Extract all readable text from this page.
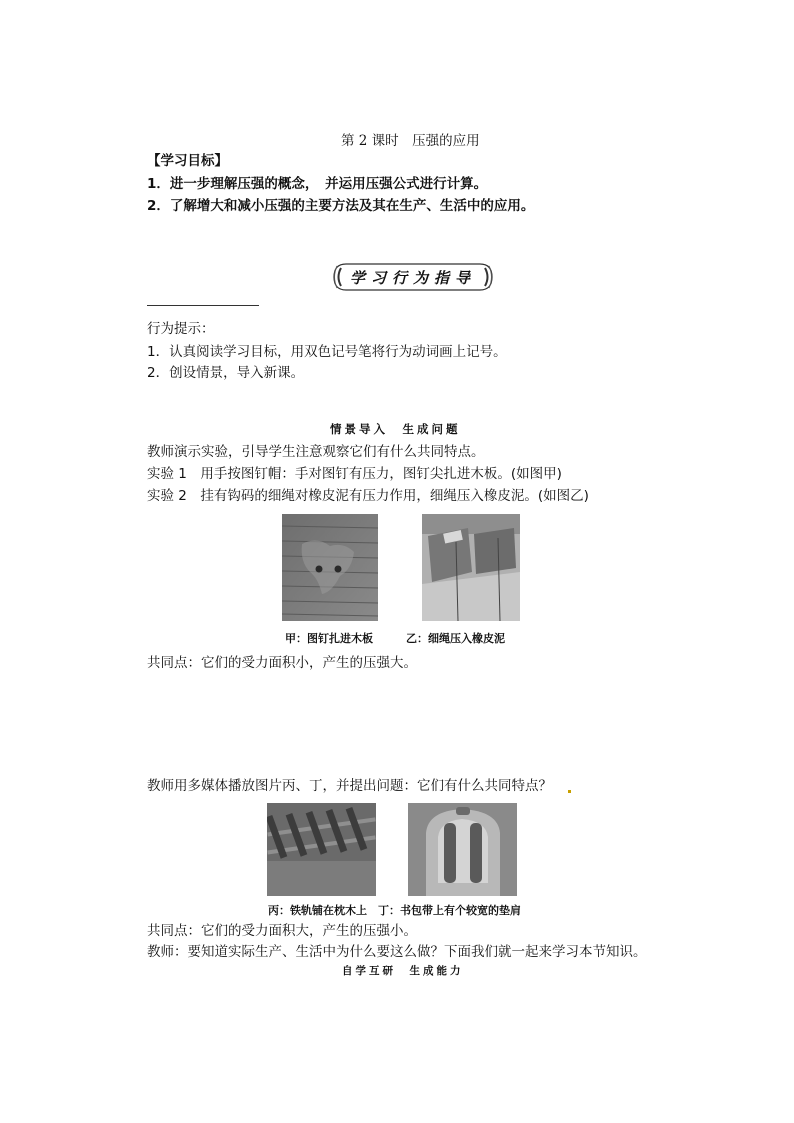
第 2 课时　压强的应用
【学习目标】
1．进一步理解压强的概念，　并运用压强公式进行计算。
2．了解增大和减小压强的主要方法及其在生产、生活中的应用。
学习行为指导
行为提示：
1．认真阅读学习目标，用双色记号笔将行为动词画上记号。
2．创设情景，导入新课。
情景导入　生成问题
教师演示实验，引导学生注意观察它们有什么共同特点。
实验 1　用手按图钉帽：手对图钉有压力，图钉尖扎进木板。(如图甲)
实验 2　挂有钩码的细绳对橡皮泥有压力作用，细绳压入橡皮泥。(如图乙)
甲：图钉扎进木板　　　乙：细绳压入橡皮泥
共同点：它们的受力面积小，产生的压强大。
教师用多媒体播放图片丙、丁，并提出问题：它们有什么共同特点？
丙：铁轨铺在枕木上　丁：书包带上有个较宽的垫肩
共同点：它们的受力面积大，产生的压强小。
教师：要知道实际生产、生活中为什么要这么做？下面我们就一起来学习本节知识。
自学互研　生成能力
